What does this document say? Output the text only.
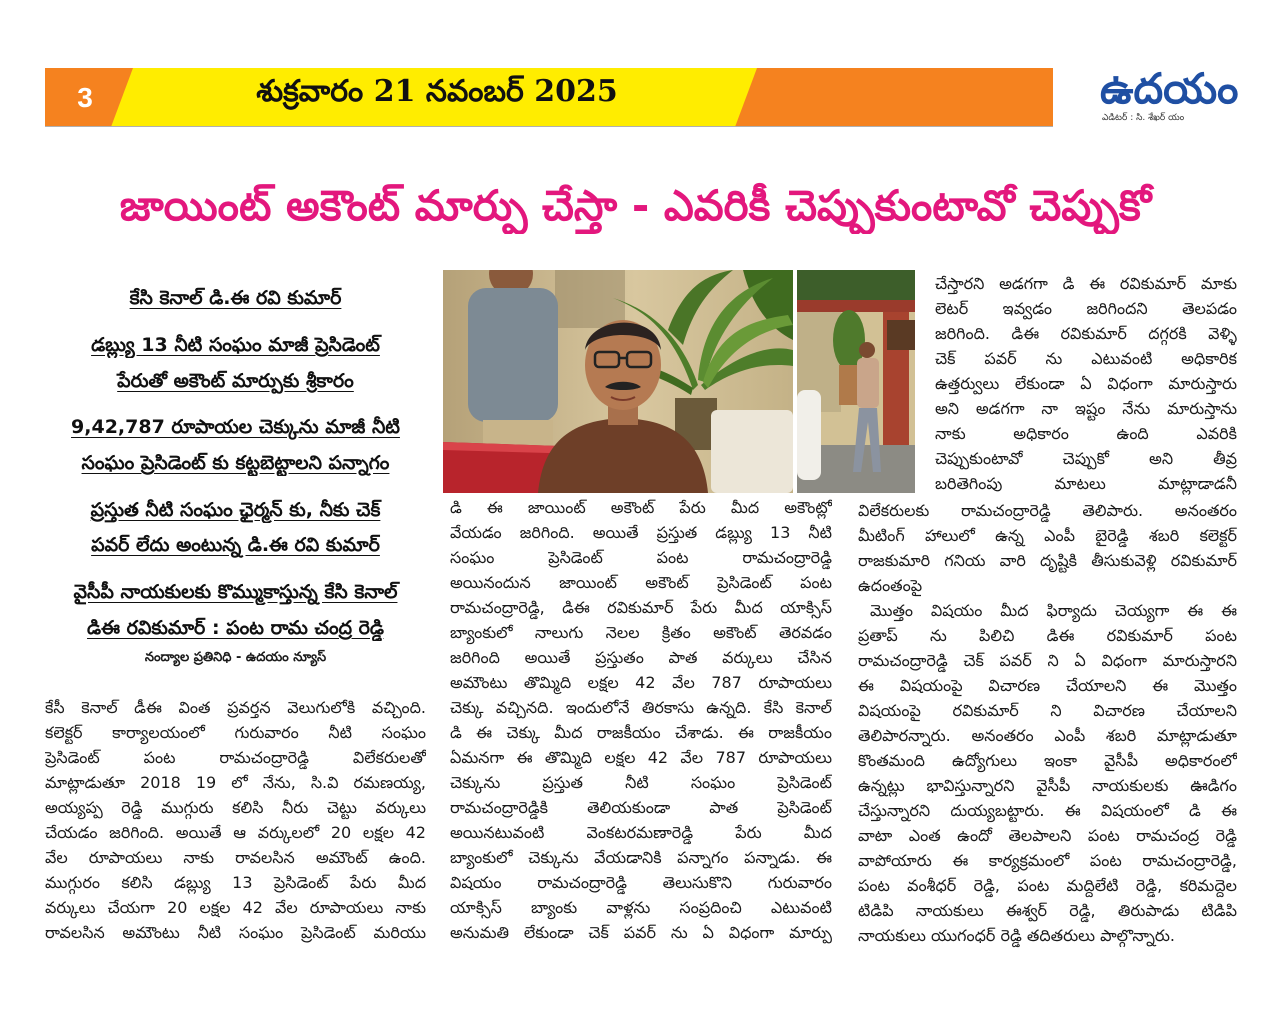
3	శుక్రవారం 21 నవంబర్ 2025	ఉదయం
ఎడిటర్ : సి. శేఖర్ యం
జాయింట్ అకౌంట్ మార్పు చేస్తా - ఎవరికీ చెప్పుకుంటావో చెప్పుకో
కేసి కెనాల్ డి.ఈ రవి కుమార్
డబ్ల్యు 13 నీటి సంఘం మాజీ ప్రెసిడెంట్
పేరుతో అకౌంట్ మార్పుకు శ్రీకారం
9,42,787 రూపాయల చెక్కును మాజీ నీటి
సంఘం ప్రెసిడెంట్ కు కట్టబెట్టాలని పన్నాగం
ప్రస్తుత నీటి సంఘం ఛైర్మన్ కు, నీకు చెక్
పవర్ లేదు అంటున్న డి.ఈ రవి కుమార్
వైసీపీ నాయకులకు కొమ్ముకాస్తున్న కేసి కెనాల్
డిఈ రవికుమార్ : పంట రామ చంద్ర రెడ్డి
నంద్యాల ప్రతినిధి - ఉదయం న్యూస్
కేసీ కెనాల్ డీఈ వింత ప్రవర్తన వెలుగులోకి వచ్చింది.
కలెక్టర్ కార్యాలయంలో గురువారం నీటి సంఘం
ప్రెసిడెంట్ పంట రామచంద్రారెడ్డి విలేకరులతో
మాట్లాడుతూ 2018 19 లో నేను, సి.వి రమణయ్య,
అయ్యప్ప రెడ్డి ముగ్గురు కలిసి నీరు చెట్టు వర్కులు
చేయడం జరిగింది. అయితే ఆ వర్కులలో 20 లక్షల 42
వేల రూపాయలు నాకు రావలసిన అమౌంట్ ఉంది.
ముగ్గురం కలిసి డబ్ల్యు 13 ప్రెసిడెంట్ పేరు మీద
వర్కులు చేయగా 20 లక్షల 42 వేల రూపాయలు నాకు
రావలసిన అమౌంటు నీటి సంఘం ప్రెసిడెంట్ మరియు
డి ఈ జాయింట్ అకౌంట్ పేరు మీద అకౌంట్లో
వేయడం జరిగింది. అయితే ప్రస్తుత డబ్ల్యు 13 నీటి
సంఘం ప్రెసిడెంట్ పంట రామచంద్రారెడ్డి
అయినందున జాయింట్ అకౌంట్ ప్రెసిడెంట్ పంట
రామచంద్రారెడ్డి, డిఈ రవికుమార్ పేరు మీద యాక్సిస్
బ్యాంకులో నాలుగు నెలల క్రితం అకౌంట్ తెరవడం
జరిగింది అయితే ప్రస్తుతం పాత వర్కులు చేసిన
అమౌంటు తొమ్మిది లక్షల 42 వేల 787 రూపాయలు
చెక్కు వచ్చినది. ఇందులోనే తిరకాసు ఉన్నది. కేసి కెనాల్
డి ఈ చెక్కు మీద రాజకీయం చేశాడు. ఈ రాజకీయం
ఏమనగా ఈ తొమ్మిది లక్షల 42 వేల 787 రూపాయలు
చెక్కును ప్రస్తుత నీటి సంఘం ప్రెసిడెంట్
రామచంద్రారెడ్డికి తెలియకుండా పాత ప్రెసిడెంట్
అయినటువంటి వెంకటరమణారెడ్డి పేరు మీద
బ్యాంకులో చెక్కును వేయడానికి పన్నాగం పన్నాడు. ఈ
విషయం రామచంద్రారెడ్డి తెలుసుకొని గురువారం
యాక్సిస్ బ్యాంకు వాళ్లను సంప్రదించి ఎటువంటి
అనుమతి లేకుండా చెక్ పవర్ ను ఏ విధంగా మార్పు
చేస్తారని అడగగా డి ఈ రవికుమార్ మాకు
లెటర్ ఇవ్వడం జరిగిందని తెలపడం
జరిగింది. డిఈ రవికుమార్ దగ్గరకి వెళ్ళి
చెక్ పవర్ ను ఎటువంటి అధికారిక
ఉత్తర్వులు లేకుండా ఏ విధంగా మారుస్తారు
అని అడగగా నా ఇష్టం నేను మారుస్తాను
నాకు అధికారం ఉంది ఎవరికి
చెప్పుకుంటావో చెప్పుకో అని తీవ్ర
బరితెగింపు మాటలు మాట్లాడాడనీ
విలేకరులకు రామచంద్రారెడ్డి తెలిపారు. అనంతరం
మీటింగ్ హాలులో ఉన్న ఎంపీ బైరెడ్డి శబరి కలెక్టర్
రాజకుమారి గనియ వారి దృష్టికి తీసుకువెళ్లి రవికుమార్
ఉదంతంపై
మొత్తం విషయం మీద ఫిర్యాదు చెయ్యగా ఈ ఈ
ప్రతాప్ ను పిలిచి డిఈ రవికుమార్ పంట
రామచంద్రారెడ్డి చెక్ పవర్ ని ఏ విధంగా మారుస్తారని
ఈ విషయంపై విచారణ చేయాలని ఈ మొత్తం
విషయంపై రవికుమార్ ని విచారణ చేయాలని
తెలిపారన్నారు. అనంతరం ఎంపీ శబరి మాట్లాడుతూ
కొంతమంది ఉద్యోగులు ఇంకా వైసీపీ అధికారంలో
ఉన్నట్లు భావిస్తున్నారని వైసీపీ నాయకులకు ఊడిగం
చేస్తున్నారని దుయ్యబట్టారు. ఈ విషయంలో డి ఈ
వాటా ఎంత ఉందో తెలపాలని పంట రామచంద్ర రెడ్డి
వాపోయారు ఈ కార్యక్రమంలో పంట రామచంద్రారెడ్డి,
పంట వంశీధర్ రెడ్డి, పంట మద్దిలేటి రెడ్డి, కరిమద్దెల
టిడిపి నాయకులు ఈశ్వర్ రెడ్డి, తిరుపాడు టిడిపి
నాయకులు యుగంధర్ రెడ్డి తదితరులు పాల్గొన్నారు.
